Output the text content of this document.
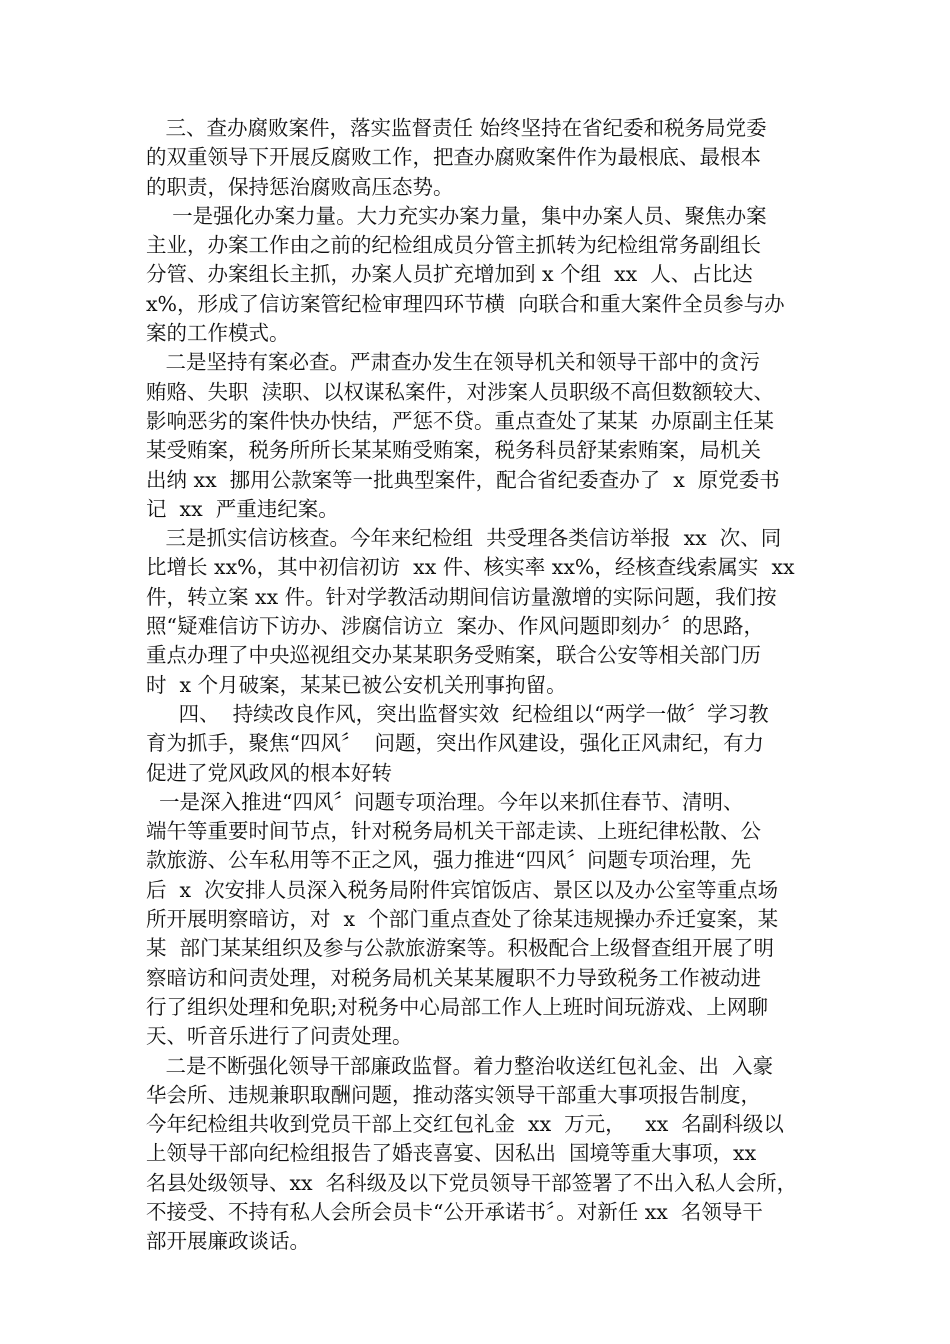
三、查办腐败案件，落实监督责任 始终坚持在省纪委和税务局党委
的双重领导下开展反腐败工作，把查办腐败案件作为最根底、最根本
的职责，保持惩治腐败高压态势。
一是强化办案力量。大力充实办案力量，集中办案人员、聚焦办案
主业，办案工作由之前的纪检组成员分管主抓转为纪检组常务副组长
分管、办案组长主抓，办案人员扩充增加到 x 个组  xx  人、占比达
x%，形成了信访案管纪检审理四环节横  向联合和重大案件全员参与办
案的工作模式。
二是坚持有案必查。严肃查办发生在领导机关和领导干部中的贪污
贿赂、失职  渎职、以权谋私案件，对涉案人员职级不高但数额较大、
影响恶劣的案件快办快结，严惩不贷。重点查处了某某  办原副主任某
某受贿案，税务所所长某某贿受贿案，税务科员舒某索贿案，局机关
出纳 xx  挪用公款案等一批典型案件，配合省纪委查办了  x  原党委书
记  xx  严重违纪案。
三是抓实信访核查。今年来纪检组  共受理各类信访举报  xx  次、同
比增长 xx%，其中初信初访  xx 件、核实率 xx%，经核查线索属实  xx
件，转立案 xx 件。针对学教活动期间信访量激增的实际问题，我们按
照“疑难信访下访办、涉腐信访立  案办、作风问题即刻办〞的思路，
重点办理了中央巡视组交办某某职务受贿案，联合公安等相关部门历
时  x 个月破案，某某已被公安机关刑事拘留。
四、  持续改良作风，突出监督实效  纪检组以“两学一做〞学习教
育为抓手，聚焦“四风〞  问题，突出作风建设，强化正风肃纪，有力
促进了党风政风的根本好转
一是深入推进“四风〞问题专项治理。今年以来抓住春节、清明、
端午等重要时间节点，针对税务局机关干部走读、上班纪律松散、公
款旅游、公车私用等不正之风，强力推进“四风〞问题专项治理，先
后  x  次安排人员深入税务局附件宾馆饭店、景区以及办公室等重点场
所开展明察暗访，对  x  个部门重点查处了徐某违规操办乔迁宴案，某
某  部门某某组织及参与公款旅游案等。积极配合上级督查组开展了明
察暗访和问责处理，对税务局机关某某履职不力导致税务工作被动进
行了组织处理和免职;对税务中心局部工作人上班时间玩游戏、上网聊
天、听音乐进行了问责处理。
二是不断强化领导干部廉政监督。着力整治收送红包礼金、出  入豪
华会所、违规兼职取酬问题，推动落实领导干部重大事项报告制度，
今年纪检组共收到党员干部上交红包礼金  xx  万元，   xx  名副科级以
上领导干部向纪检组报告了婚丧喜宴、因私出  国境等重大事项，xx
名县处级领导、xx  名科级及以下党员领导干部签署了不出入私人会所，
不接受、不持有私人会所会员卡“公开承诺书〞。对新任 xx  名领导干
部开展廉政谈话。
